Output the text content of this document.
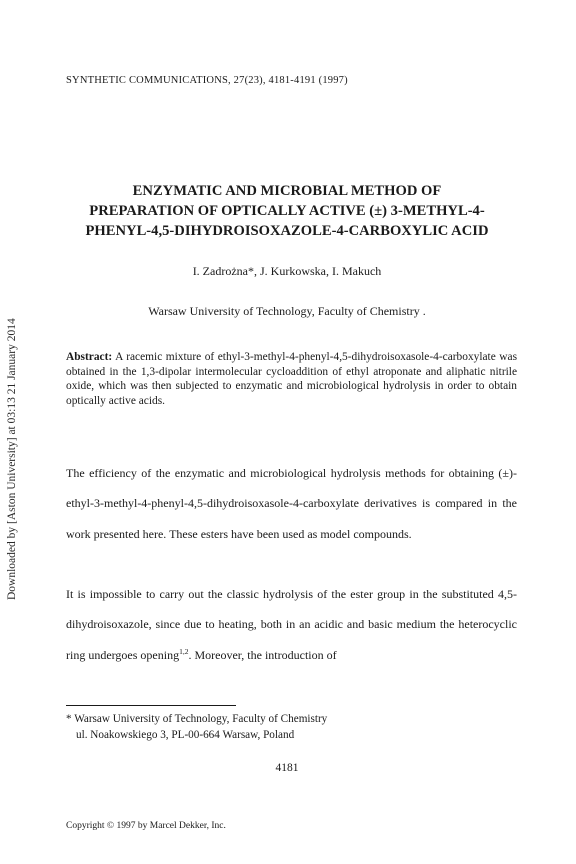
SYNTHETIC COMMUNICATIONS, 27(23), 4181-4191 (1997)
Downloaded by [Aston University] at 03:13 21 January 2014
ENZYMATIC AND MICROBIAL METHOD OF
PREPARATION OF OPTICALLY ACTIVE (±) 3-METHYL-4-
PHENYL-4,5-DIHYDROISOXAZOLE-4-CARBOXYLIC ACID
I. Zadrożna*, J. Kurkowska, I. Makuch
Warsaw University of Technology, Faculty of Chemistry .
Abstract: A racemic mixture of ethyl-3-methyl-4-phenyl-4,5-dihydroisoxasole-4-carboxylate was obtained in the 1,3-dipolar intermolecular cycloaddition of ethyl atroponate and aliphatic nitrile oxide, which was then subjected to enzymatic and microbiological hydrolysis in order to obtain optically active acids.
The efficiency of the enzymatic and microbiological hydrolysis methods for obtaining (±)-ethyl-3-methyl-4-phenyl-4,5-dihydroisoxasole-4-carboxylate derivatives is compared in the work presented here. These esters have been used as model compounds.
It is impossible to carry out the classic hydrolysis of the ester group in the substituted 4,5-dihydroisoxazole, since due to heating, both in an acidic and basic medium the heterocyclic ring undergoes opening$^{1,2}$. Moreover, the introduction of
* Warsaw University of Technology, Faculty of Chemistry
ul. Noakowskiego 3, PL-00-664 Warsaw, Poland
4181
Copyright © 1997 by Marcel Dekker, Inc.
